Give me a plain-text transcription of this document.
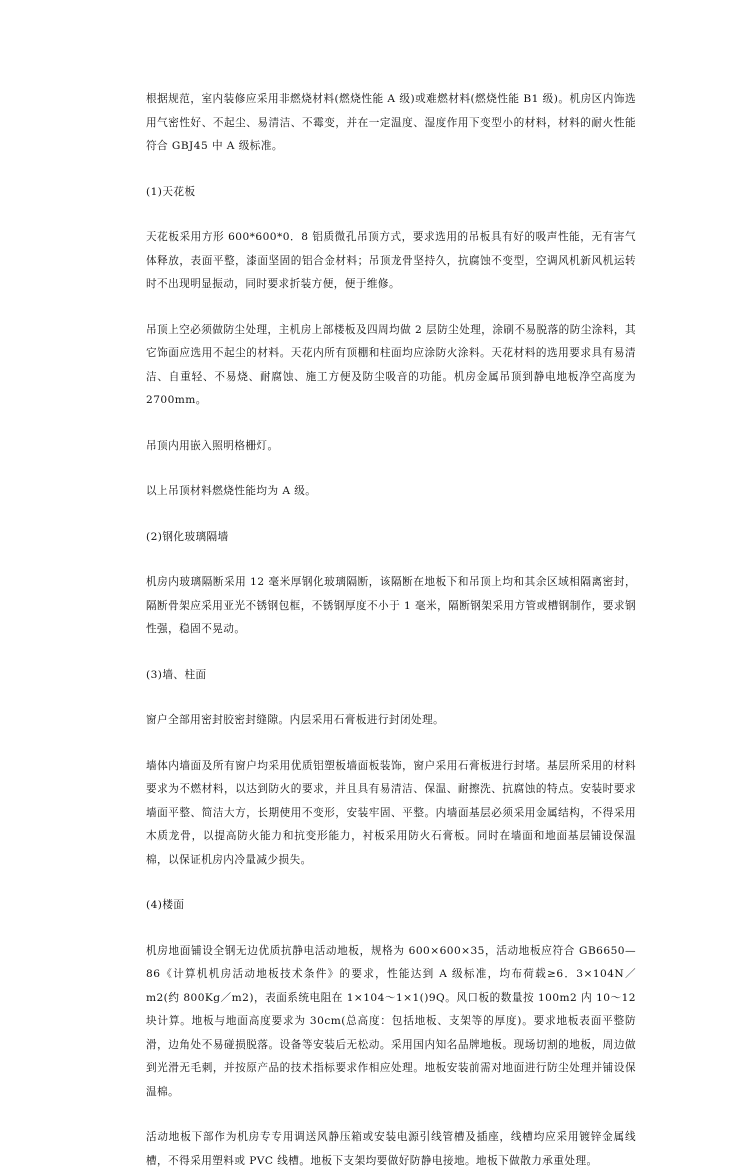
根据规范，室内装修应采用非燃烧材料(燃烧性能 A 级)或难燃材料(燃烧性能 B1 级)。机房区内饰选用气密性好、不起尘、易清洁、不霉变，并在一定温度、湿度作用下变型小的材料，材料的耐火性能符合 GBJ45 中 A 级标准。

(1)天花板

天花板采用方形 600*600*0．8 铝质微孔吊顶方式，要求选用的吊板具有好的吸声性能，无有害气体释放，表面平整，漆面坚固的铝合金材料；吊顶龙骨坚持久，抗腐蚀不变型，空调风机新风机运转时不出现明显振动，同时要求折装方便，便于维修。

吊顶上空必须做防尘处理，主机房上部楼板及四周均做 2 层防尘处理，涂刷不易脱落的防尘涂料，其它饰面应选用不起尘的材料。天花内所有顶棚和柱面均应涂防火涂料。天花材料的选用要求具有易清洁、自重轻、不易烧、耐腐蚀、施工方便及防尘吸音的功能。机房金属吊顶到静电地板净空高度为 2700mm。

吊顶内用嵌入照明格栅灯。

以上吊顶材料燃烧性能均为 A 级。

(2)钢化玻璃隔墙

机房内玻璃隔断采用 12 毫米厚钢化玻璃隔断，该隔断在地板下和吊顶上均和其余区域相隔离密封，隔断骨架应采用亚光不锈钢包框，不锈钢厚度不小于 1 毫米，隔断钢架采用方管或槽钢制作，要求钢性强，稳固不晃动。

(3)墙、柱面

窗户全部用密封胶密封缝隙。内层采用石膏板进行封闭处理。

墙体内墙面及所有窗户均采用优质铝塑板墙面板装饰，窗户采用石膏板进行封堵。基层所采用的材料要求为不燃材料，以达到防火的要求，并且具有易清洁、保温、耐擦洗、抗腐蚀的特点。安装时要求墙面平整、简洁大方，长期使用不变形，安装牢固、平整。内墙面基层必须采用金属结构，不得采用木质龙骨，以提高防火能力和抗变形能力，衬板采用防火石膏板。同时在墙面和地面基层铺设保温棉，以保证机房内冷量减少损失。

(4)楼面

机房地面铺设全钢无边优质抗静电活动地板，规格为 600×600×35，活动地板应符合 GB6650—86《计算机机房活动地板技术条件》的要求，性能达到 A 级标准，均布荷载≥6．3×104N／m2(约 800Kg／m2)，表面系统电阻在 1×104～1×1()9Q。风口板的数量按 100m2 内 10～12 块计算。地板与地面高度要求为 30cm(总高度：包括地板、支架等的厚度)。要求地板表面平整防滑，边角处不易碰损脱落。设备等安装后无松动。采用国内知名品牌地板。现场切割的地板，周边做到光滑无毛刺，并按原产品的技术指标要求作相应处理。地板安装前需对地面进行防尘处理并铺设保温棉。

活动地板下部作为机房专专用调送风静压箱或安装电源引线管槽及插座，线槽均应采用镀锌金属线槽，不得采用塑料或 PVC 线槽。地板下支架均要做好防静电接地。地板下做散力承重处理。
